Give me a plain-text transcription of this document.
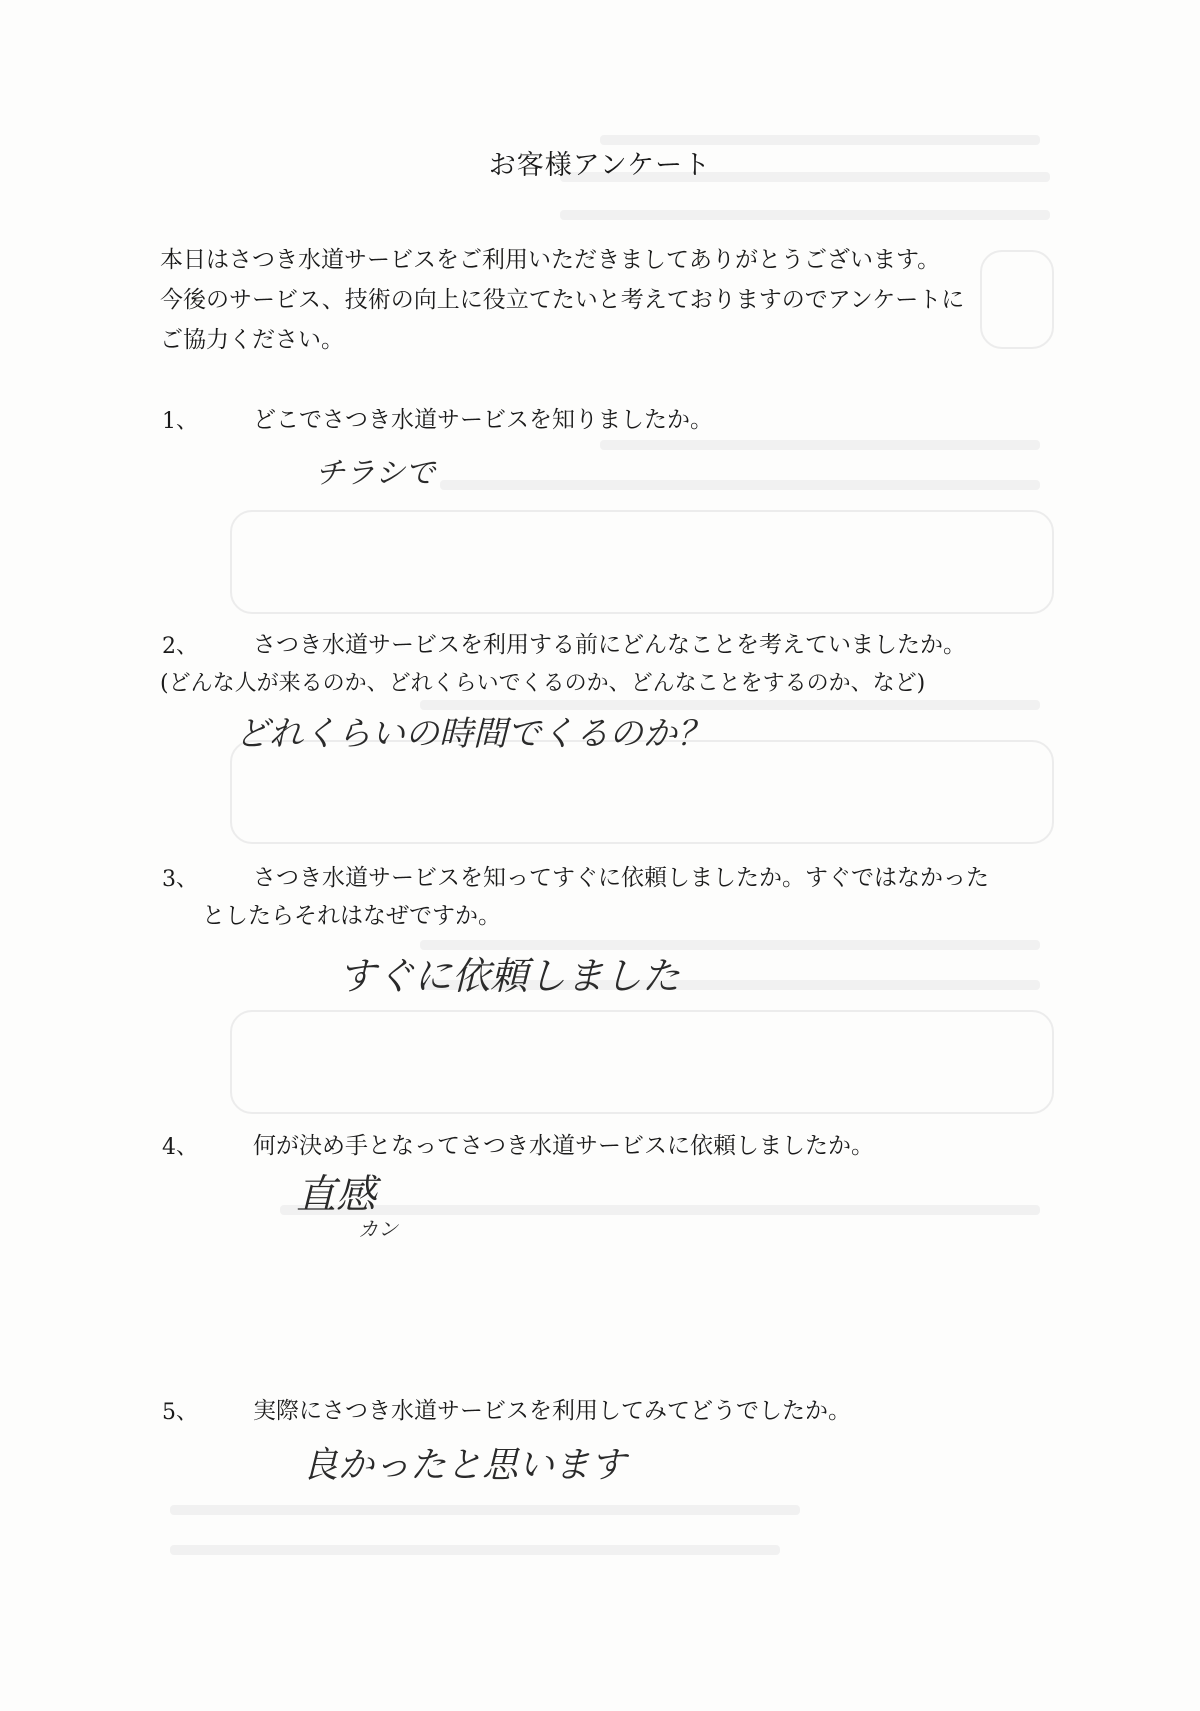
お客様アンケート

本日はさつき水道サービスをご利用いただきましてありがとうございます。

今後のサービス、技術の向上に役立てたいと考えておりますのでアンケートに

ご協力ください。

1、 どこでさつき水道サービスを知りましたか。
チラシで
2、 さつき水道サービスを利用する前にどんなことを考えていましたか。
(どんな人が来るのか、どれくらいでくるのか、どんなことをするのか、など)
どれくらいの時間でくるのか？
3、 さつき水道サービスを知ってすぐに依頼しましたか。すぐではなかった
としたらそれはなぜですか。
すぐに依頼しました
4、 何が決め手となってさつき水道サービスに依頼しましたか。
直感
カン
5、 実際にさつき水道サービスを利用してみてどうでしたか。
良かったと思います
